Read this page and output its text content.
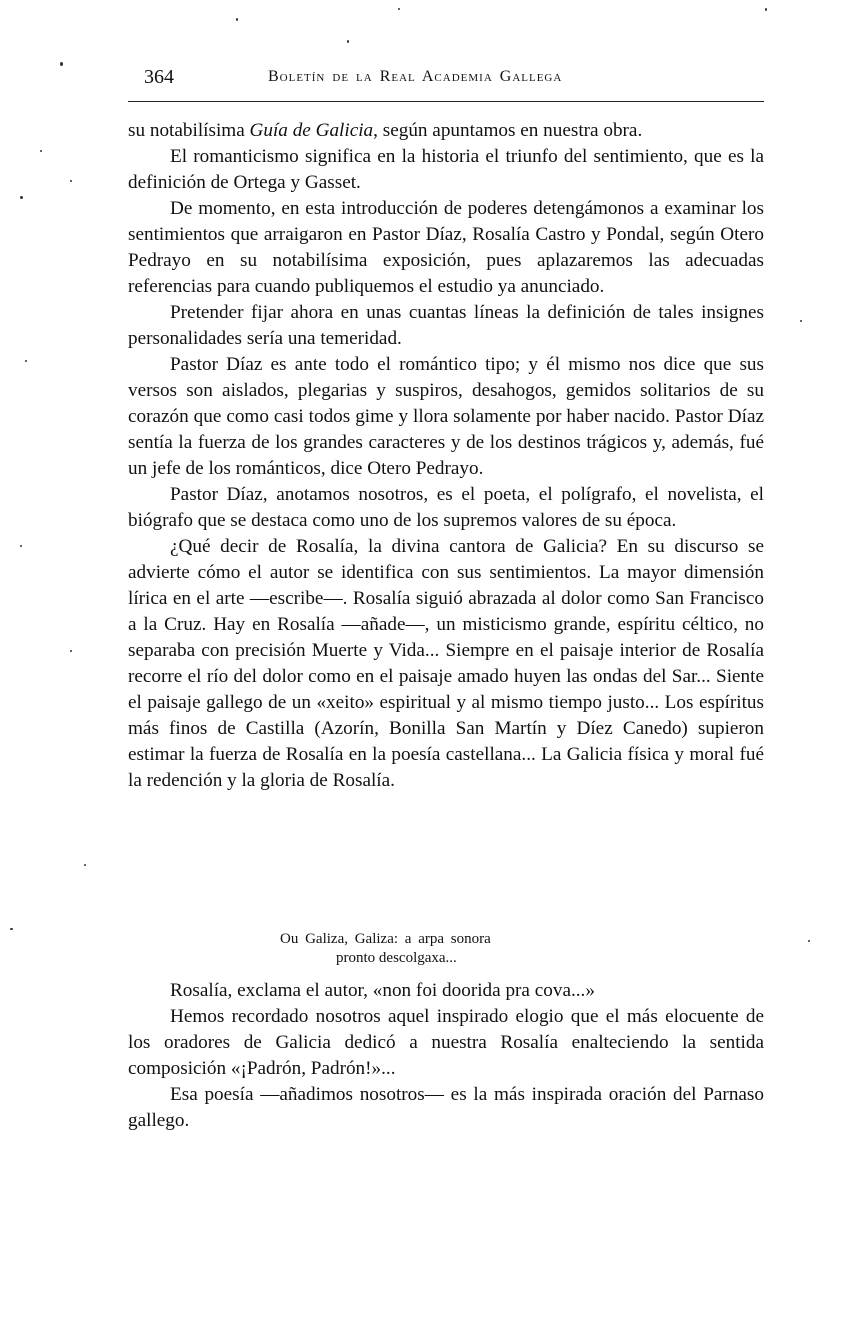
364	Boletín de la Real Academia Gallega

su notabilísima Guía de Galicia, según apuntamos en nuestra obra.

El romanticismo significa en la historia el triunfo del sentimiento, que es la definición de Ortega y Gasset.

De momento, en esta introducción de poderes detengámonos a examinar los sentimientos que arraigaron en Pastor Díaz, Rosalía Castro y Pondal, según Otero Pedrayo en su notabilísima exposición, pues aplazaremos las adecuadas referencias para cuando publiquemos el estudio ya anunciado.

Pretender fijar ahora en unas cuantas líneas la definición de tales insignes personalidades sería una temeridad.

Pastor Díaz es ante todo el romántico tipo; y él mismo nos dice que sus versos son aislados, plegarias y suspiros, desahogos, gemidos solitarios de su corazón que como casi todos gime y llora solamente por haber nacido. Pastor Díaz sentía la fuerza de los grandes caracteres y de los destinos trágicos y, además, fué un jefe de los románticos, dice Otero Pedrayo.

Pastor Díaz, anotamos nosotros, es el poeta, el polígrafo, el novelista, el biógrafo que se destaca como uno de los supremos valores de su época.

¿Qué decir de Rosalía, la divina cantora de Galicia? En su discurso se advierte cómo el autor se identifica con sus sentimientos. La mayor dimensión lírica en el arte —escribe—. Rosalía siguió abrazada al dolor como San Francisco a la Cruz. Hay en Rosalía —añade—, un misticismo grande, espíritu céltico, no separaba con precisión Muerte y Vida... Siempre en el paisaje interior de Rosalía recorre el río del dolor como en el paisaje amado huyen las ondas del Sar... Siente el paisaje gallego de un «xeito» espiritual y al mismo tiempo justo... Los espíritus más finos de Castilla (Azorín, Bonilla San Martín y Díez Canedo) supieron estimar la fuerza de Rosalía en la poesía castellana... La Galicia física y moral fué la redención y la gloria de Rosalía.

Ou Galiza, Galiza: a arpa sonora
pronto descolgaxa...

Rosalía, exclama el autor, «non foi doorida pra cova...»

Hemos recordado nosotros aquel inspirado elogio que el más elocuente de los oradores de Galicia dedicó a nuestra Rosalía enalteciendo la sentida composición «¡Padrón, Padrón!»...

Esa poesía —añadimos nosotros— es la más inspirada oración del Parnaso gallego.
